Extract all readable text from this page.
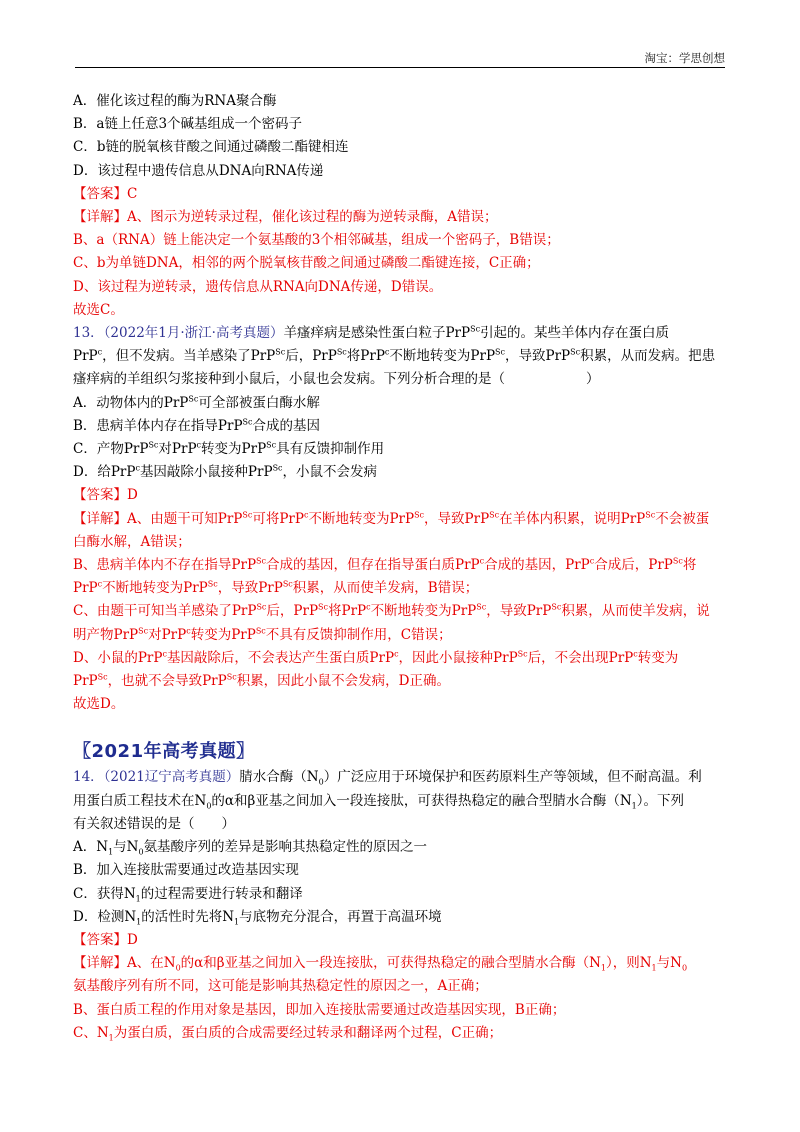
淘宝：学思创想
A．催化该过程的酶为RNA聚合酶
B．a链上任意3个碱基组成一个密码子
C．b链的脱氧核苷酸之间通过磷酸二酯键相连
D．该过程中遗传信息从DNA向RNA传递
【答案】C
【详解】A、图示为逆转录过程，催化该过程的酶为逆转录酶，A错误；
B、a（RNA）链上能决定一个氨基酸的3个相邻碱基，组成一个密码子，B错误；
C、b为单链DNA，相邻的两个脱氧核苷酸之间通过磷酸二酯键连接，C正确；
D、该过程为逆转录，遗传信息从RNA向DNA传递，D错误。
故选C。
13．（2022年1月·浙江·高考真题）羊瘙痒病是感染性蛋白粒子PrP$^{Sc}$引起的。某些羊体内存在蛋白质
PrP$^c$，但不发病。当羊感染了PrP$^{Sc}$后，PrP$^{Sc}$将PrP$^c$不断地转变为PrP$^{Sc}$，导致PrP$^{Sc}$积累，从而发病。把患
瘙痒病的羊组织匀浆接种到小鼠后，小鼠也会发病。下列分析合理的是（　　　　　　）
A．动物体内的PrP$^{Sc}$可全部被蛋白酶水解
B．患病羊体内存在指导PrP$^{Sc}$合成的基因
C．产物PrP$^{Sc}$对PrP$^c$转变为PrP$^{Sc}$具有反馈抑制作用
D．给PrP$^c$基因敲除小鼠接种PrP$^{Sc}$，小鼠不会发病
【答案】D
【详解】A、由题干可知PrP$^{Sc}$可将PrP$^c$不断地转变为PrP$^{Sc}$，导致PrP$^{Sc}$在羊体内积累，说明PrP$^{Sc}$不会被蛋
白酶水解，A错误；
B、患病羊体内不存在指导PrP$^{Sc}$合成的基因，但存在指导蛋白质PrP$^c$合成的基因，PrP$^c$合成后，PrP$^{Sc}$将
PrP$^c$不断地转变为PrP$^{Sc}$，导致PrP$^{Sc}$积累，从而使羊发病，B错误；
C、由题干可知当羊感染了PrP$^{Sc}$后，PrP$^{Sc}$将PrP$^c$不断地转变为PrP$^{Sc}$，导致PrP$^{Sc}$积累，从而使羊发病，说
明产物PrP$^{Sc}$对PrP$^c$转变为PrP$^{Sc}$不具有反馈抑制作用，C错误；
D、小鼠的PrP$^c$基因敲除后，不会表达产生蛋白质PrP$^c$，因此小鼠接种PrP$^{Sc}$后，不会出现PrP$^c$转变为
PrP$^{Sc}$，也就不会导致PrP$^{Sc}$积累，因此小鼠不会发病，D正确。
故选D。
〖2021年高考真题〗
14．（2021辽宁高考真题）腈水合酶$(N_0)$广泛应用于环境保护和医药原料生产等领域，但不耐高温。利
用蛋白质工程技术在$N_0$的α和β亚基之间加入一段连接肽，可获得热稳定的融合型腈水合酶$(N_1)$。下列
有关叙述错误的是（　　）
A．$N_1$与$N_0$氨基酸序列的差异是影响其热稳定性的原因之一
B．加入连接肽需要通过改造基因实现
C．获得$N_1$的过程需要进行转录和翻译
D．检测$N_1$的活性时先将$N_1$与底物充分混合，再置于高温环境
【答案】D
【详解】A、在$N_0$的α和β亚基之间加入一段连接肽，可获得热稳定的融合型腈水合酶$(N_1)$，则$N_1$与$N_0$
氨基酸序列有所不同，这可能是影响其热稳定性的原因之一，A正确；
B、蛋白质工程的作用对象是基因，即加入连接肽需要通过改造基因实现，B正确；
C、$N_1$为蛋白质，蛋白质的合成需要经过转录和翻译两个过程，C正确；
